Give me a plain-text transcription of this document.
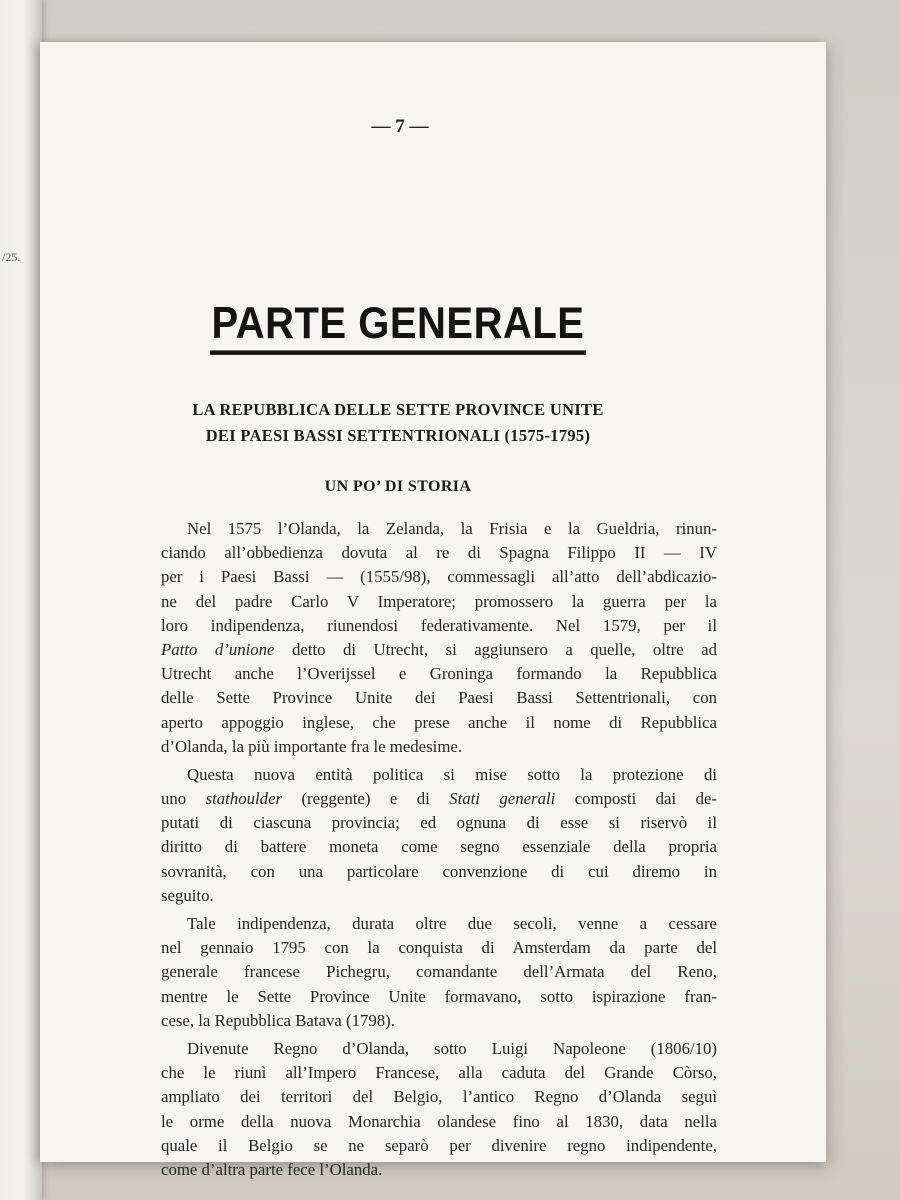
/25.
— 7 —
PARTE GENERALE
LA REPUBBLICA DELLE SETTE PROVINCE UNITE
DEI PAESI BASSI SETTENTRIONALI (1575-1795)
UN PO’ DI STORIA
Nel 1575 l’Olanda, la Zelanda, la Frisia e la Gueldria, rinun-
ciando all’obbedienza dovuta al re di Spagna Filippo II — IV
per i Paesi Bassi — (1555/98), commessagli all’atto dell’abdicazio-
ne del padre Carlo V Imperatore; promossero la guerra per la
loro indipendenza, riunendosi federativamente. Nel 1579, per il
Patto d’unione detto di Utrecht, si aggiunsero a quelle, oltre ad
Utrecht anche l’Overijssel e Groninga formando la Repubblica
delle Sette Province Unite dei Paesi Bassi Settentrionali, con
aperto appoggio inglese, che prese anche il nome di Repubblica
d’Olanda, la più importante fra le medesime.
Questa nuova entità politica si mise sotto la protezione di
uno stathoulder (reggente) e di Stati generali composti dai de-
putati di ciascuna provincia; ed ognuna di esse si riservò il
diritto di battere moneta come segno essenziale della propria
sovranità, con una particolare convenzione di cui diremo in
seguito.
Tale indipendenza, durata oltre due secoli, venne a cessare
nel gennaio 1795 con la conquista di Amsterdam da parte del
generale francese Pichegru, comandante dell’Armata del Reno,
mentre le Sette Province Unite formavano, sotto ispirazione fran-
cese, la Repubblica Batava (1798).
Divenute Regno d’Olanda, sotto Luigi Napoleone (1806/10)
che le riunì all’Impero Francese, alla caduta del Grande Còrso,
ampliato dei territori del Belgio, l’antico Regno d’Olanda seguì
le orme della nuova Monarchia olandese fino al 1830, data nella
quale il Belgio se ne separò per divenire regno indipendente,
come d’altra parte fece l’Olanda.
